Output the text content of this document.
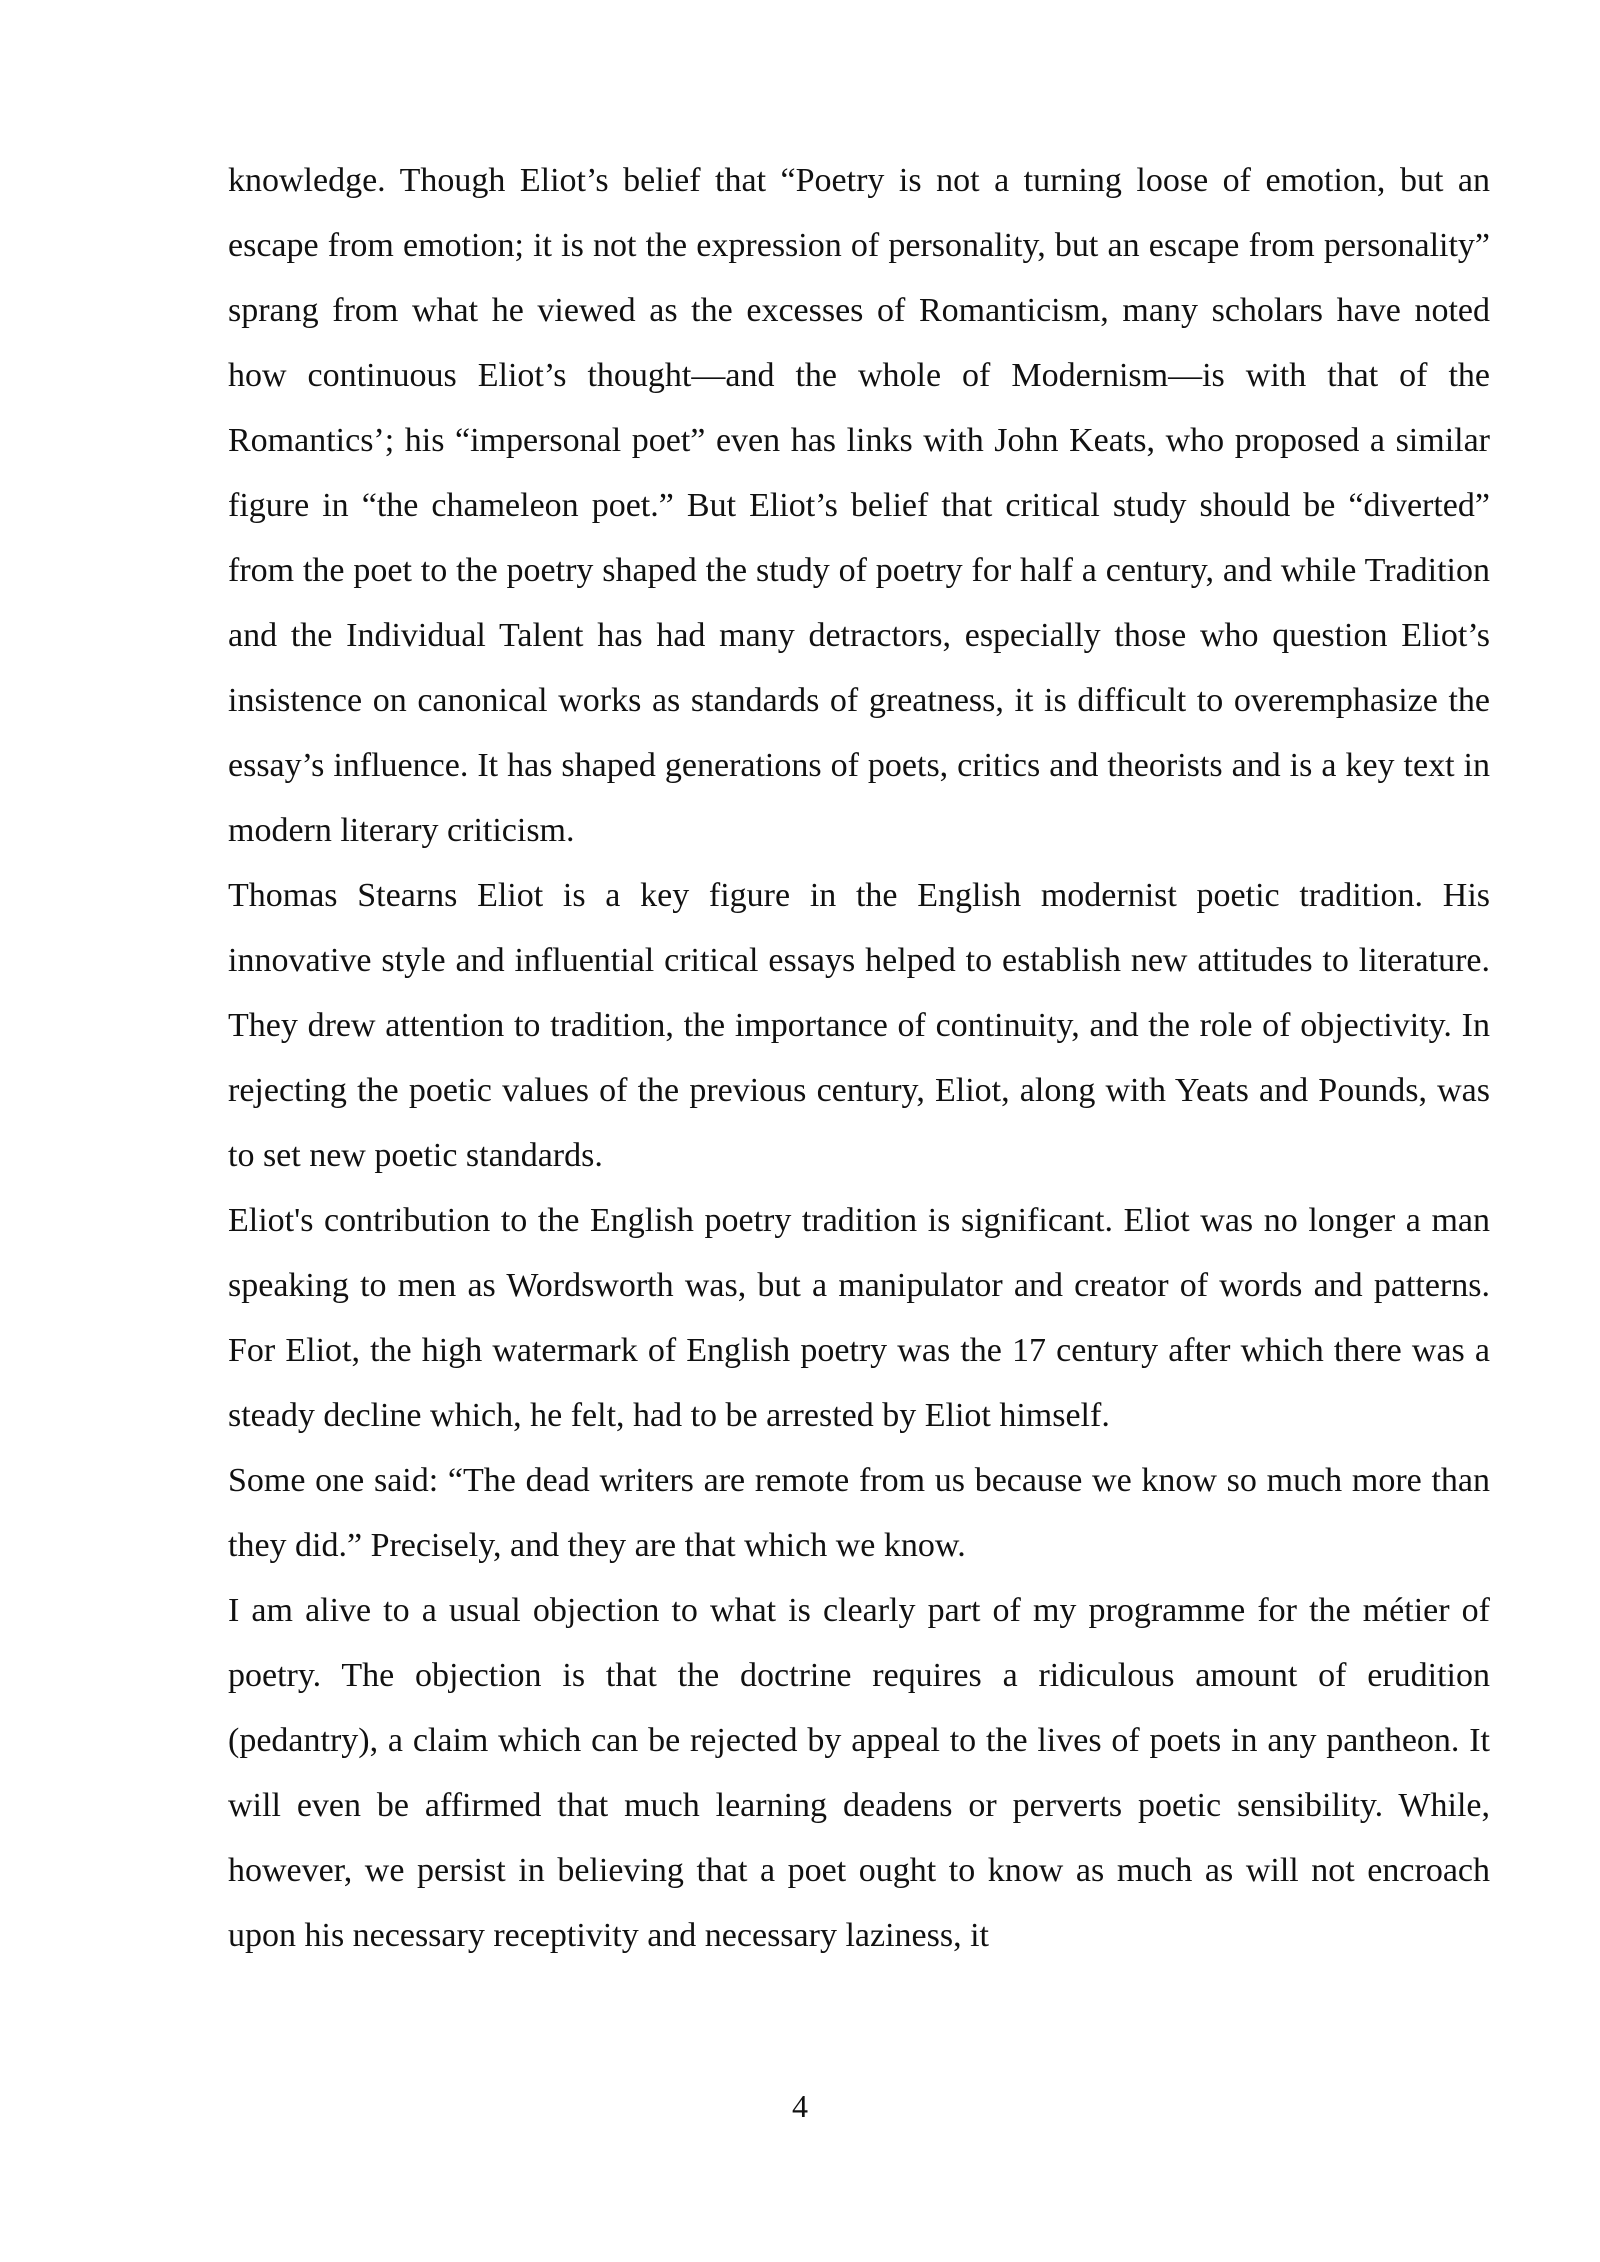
knowledge. Though Eliot’s belief that “Poetry is not a turning loose of emotion, but an escape from emotion; it is not the expression of personality, but an escape from personality” sprang from what he viewed as the excesses of Romanticism, many scholars have noted how continuous Eliot’s thought—and the whole of Modernism—is with that of the Romantics’; his “impersonal poet” even has links with John Keats, who proposed a similar figure in “the chameleon poet.” But Eliot’s belief that critical study should be “diverted” from the poet to the poetry shaped the study of poetry for half a century, and while Tradition and the Individual Talent has had many detractors, especially those who question Eliot’s insistence on canonical works as standards of greatness, it is difficult to overemphasize the essay’s influence. It has shaped generations of poets, critics and theorists and is a key text in modern literary criticism.

Thomas Stearns Eliot is a key figure in the English modernist poetic tradition. His innovative style and influential critical essays helped to establish new attitudes to literature. They drew attention to tradition, the importance of continuity, and the role of objectivity. In rejecting the poetic values of the previous century, Eliot, along with Yeats and Pounds, was to set new poetic standards.

Eliot's contribution to the English poetry tradition is significant. Eliot was no longer a man speaking to men as Wordsworth was, but a manipulator and creator of words and patterns. For Eliot, the high watermark of English poetry was the 17 century after which there was a steady decline which, he felt, had to be arrested by Eliot himself.

Some one said: “The dead writers are remote from us because we know so much more than they did.” Precisely, and they are that which we know.

I am alive to a usual objection to what is clearly part of my programme for the métier of poetry. The objection is that the doctrine requires a ridiculous amount of erudition (pedantry), a claim which can be rejected by appeal to the lives of poets in any pantheon. It will even be affirmed that much learning deadens or perverts poetic sensibility. While, however, we persist in believing that a poet ought to know as much as will not encroach upon his necessary receptivity and necessary laziness, it

4
